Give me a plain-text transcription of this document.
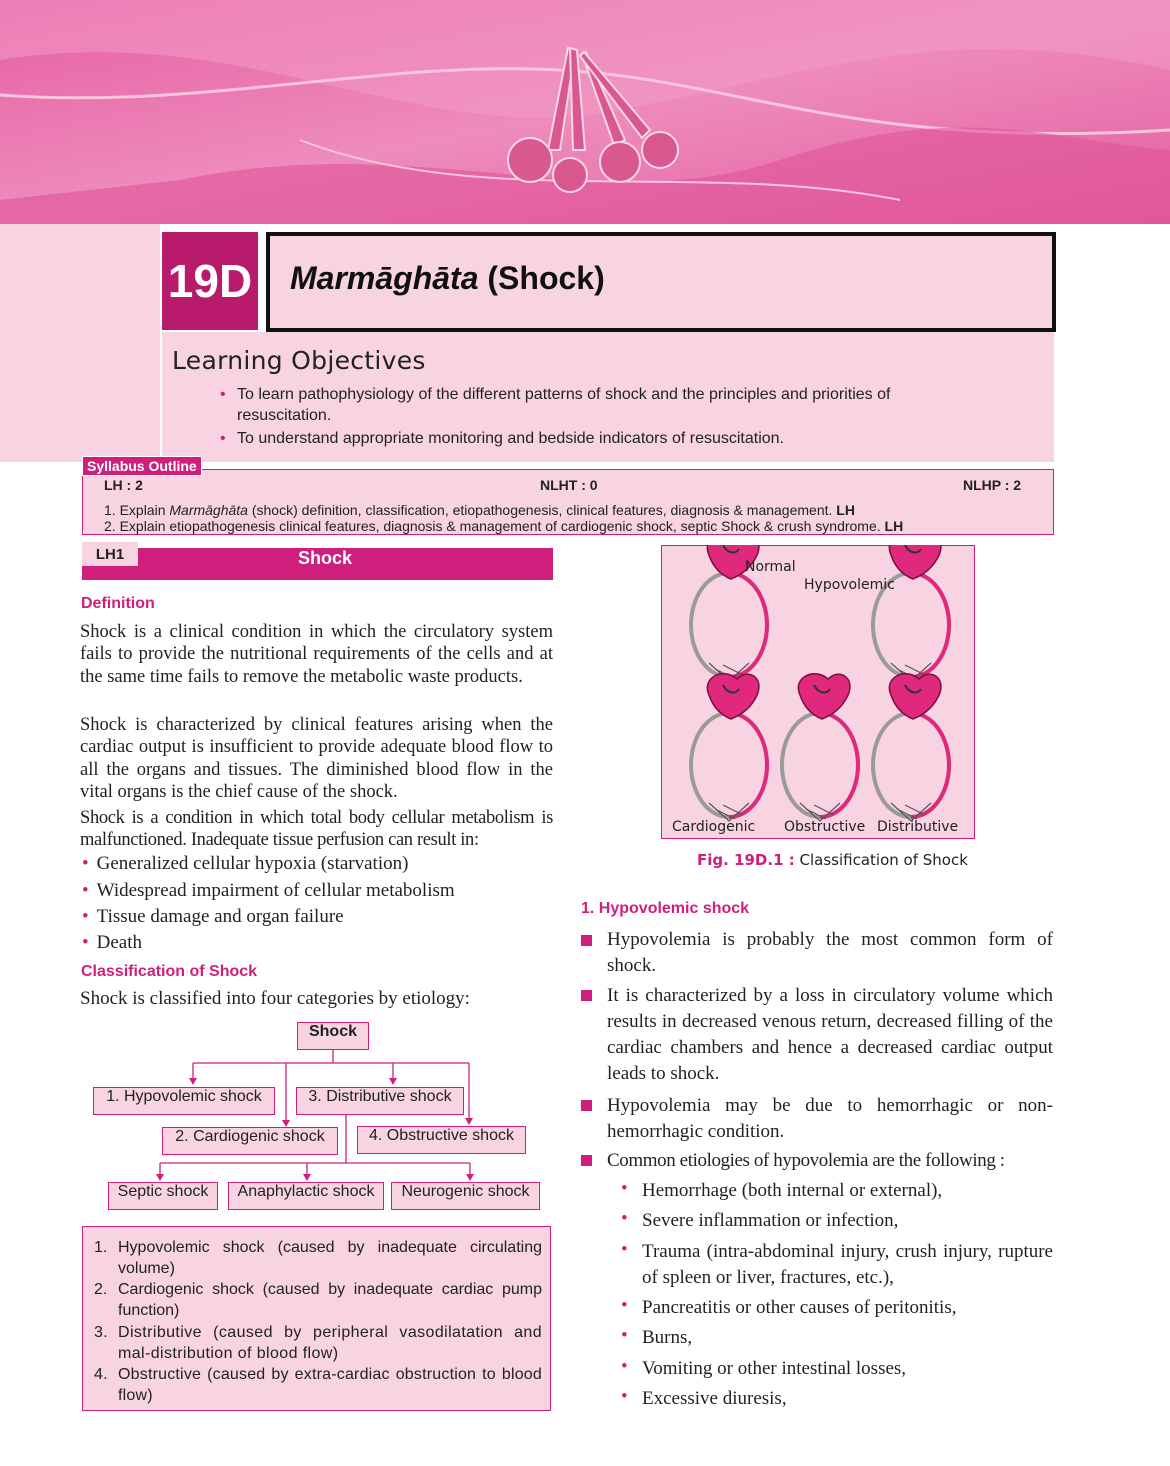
19D Marmāghāta (Shock)
Learning Objectives
• To learn pathophysiology of the different patterns of shock and the principles and priorities of resuscitation.
• To understand appropriate monitoring and bedside indicators of resuscitation.
Syllabus Outline
LH : 2	NLHT : 0	NLHP : 2
1. Explain Marmāghāta (shock) definition, classification, etiopathogenesis, clinical features, diagnosis & management. LH
2. Explain etiopathogenesis clinical features, diagnosis & management of cardiogenic shock, septic Shock & crush syndrome. LH
LH1	Shock
Definition
Shock is a clinical condition in which the circulatory system fails to provide the nutritional requirements of the cells and at the same time fails to remove the metabolic waste products.
Shock is characterized by clinical features arising when the cardiac output is insufficient to provide adequate blood flow to all the organs and tissues. The diminished blood flow in the vital organs is the chief cause of the shock.
Shock is a condition in which total body cellular metabolism is malfunctioned. Inadequate tissue perfusion can result in:
• Generalized cellular hypoxia (starvation)
• Widespread impairment of cellular metabolism
• Tissue damage and organ failure
• Death
Classification of Shock
Shock is classified into four categories by etiology:
Shock
1. Hypovolemic shock	3. Distributive shock
2. Cardiogenic shock	4. Obstructive shock
Septic shock	Anaphylactic shock	Neurogenic shock
1. Hypovolemic shock (caused by inadequate circulating volume)
2. Cardiogenic shock (caused by inadequate cardiac pump function)
3. Distributive (caused by peripheral vasodilatation and mal-distribution of blood flow)
4. Obstructive (caused by extra-cardiac obstruction to blood flow)
Normal
Hypovolemic
Cardiogenic Obstructive Distributive
Fig. 19D.1 : Classification of Shock
1. Hypovolemic shock
Hypovolemia is probably the most common form of shock.
It is characterized by a loss in circulatory volume which results in decreased venous return, decreased filling of the cardiac chambers and hence a decreased cardiac output leads to shock.
Hypovolemia may be due to hemorrhagic or non-hemorrhagic condition.
Common etiologies of hypovolemia are the following :
• Hemorrhage (both internal or external),
• Severe inflammation or infection,
• Trauma (intra-abdominal injury, crush injury, rupture of spleen or liver, fractures, etc.),
• Pancreatitis or other causes of peritonitis,
• Burns,
• Vomiting or other intestinal losses,
• Excessive diuresis,
